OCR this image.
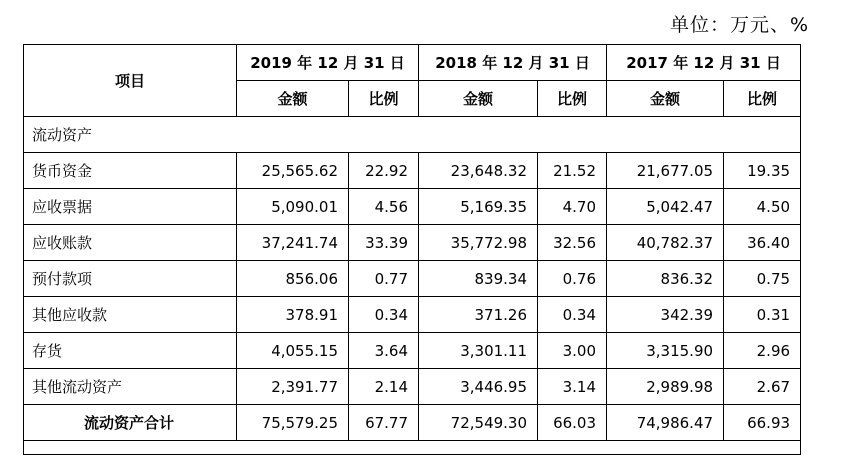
单位：万元、%
项目	2019 年 12 月 31 日		2018 年 12 月 31 日		2017 年 12 月 31 日	
	金额	比例	金额	比例	金额	比例
流动资产						
货币资金	25,565.62	22.92	23,648.32	21.52	21,677.05	19.35
应收票据	5,090.01	4.56	5,169.35	4.70	5,042.47	4.50
应收账款	37,241.74	33.39	35,772.98	32.56	40,782.37	36.40
预付款项	856.06	0.77	839.34	0.76	836.32	0.75
其他应收款	378.91	0.34	371.26	0.34	342.39	0.31
存货	4,055.15	3.64	3,301.11	3.00	3,315.90	2.96
其他流动资产	2,391.77	2.14	3,446.95	3.14	2,989.98	2.67
流动资产合计	75,579.25	67.77	72,549.30	66.03	74,986.47	66.93
